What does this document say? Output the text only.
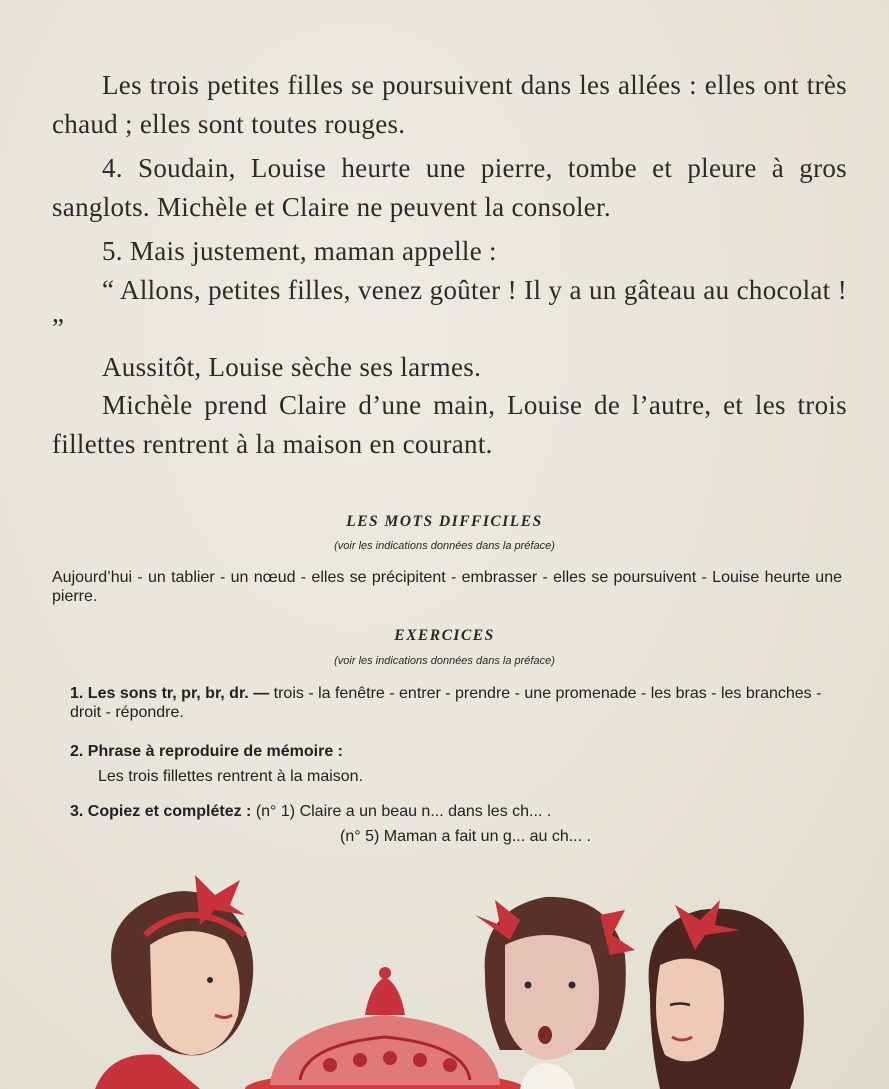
Les trois petites filles se poursuivent dans les allées : elles ont très chaud ; elles sont toutes rouges.

4. Soudain, Louise heurte une pierre, tombe et pleure à gros sanglots. Michèle et Claire ne peuvent la consoler.

5. Mais justement, maman appelle :

“ Allons, petites filles, venez goûter ! Il y a un gâteau au chocolat ! ”

Aussitôt, Louise sèche ses larmes.

Michèle prend Claire d’une main, Louise de l’autre, et les trois fillettes rentrent à la maison en courant.

LES MOTS DIFFICILES
(voir les indications données dans la préface)
Aujourd’hui - un tablier - un nœud - elles se précipitent - embrasser - elles se poursuivent - Louise heurte une pierre.
EXERCICES
(voir les indications données dans la préface)
1. Les sons tr, pr, br, dr. — trois - la fenêtre - entrer - prendre - une promenade - les bras - les branches - droit - répondre.
2. Phrase à reproduire de mémoire :
Les trois fillettes rentrent à la maison.
3. Copiez et complétez : (n° 1) Claire a un beau n... dans les ch... .
(n° 5) Maman a fait un g... au ch... .
